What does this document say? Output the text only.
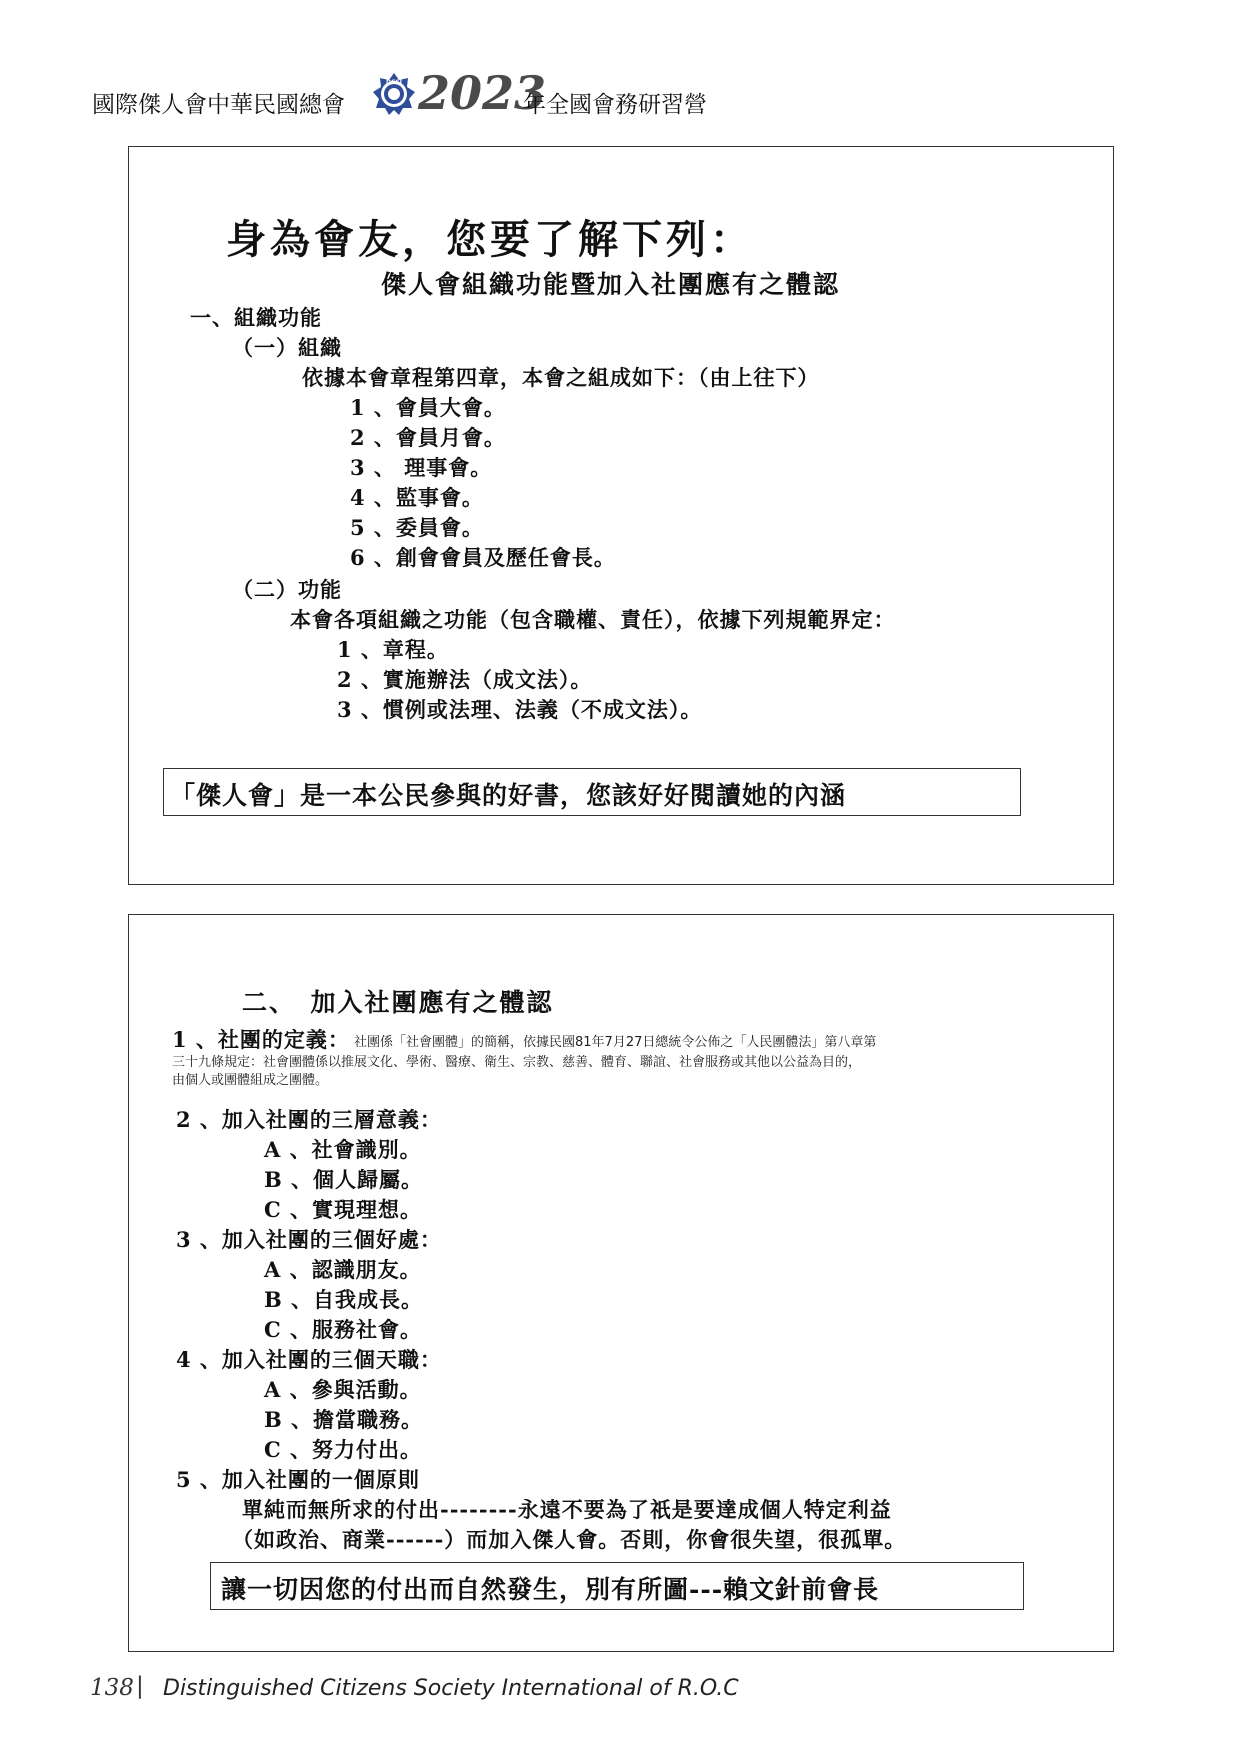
國際傑人會中華民國總會
DCSI 2023
年全國會務研習營
身為會友，您要了解下列：
傑人會組織功能暨加入社團應有之體認
一、組織功能
（一）組織
依據本會章程第四章，本會之組成如下：（由上往下）
1 、會員大會。
2 、會員月會。
3 、 理事會。
4 、監事會。
5 、委員會。
6 、創會會員及歷任會長。
（二）功能
本會各項組織之功能（包含職權、責任），依據下列規範界定：
1 、章程。
2 、實施辦法（成文法）。
3 、慣例或法理、法義（不成文法）。
「傑人會」是一本公民參與的好書，您該好好閱讀她的內涵
二、　加入社團應有之體認
1 、社團的定義： 社團係「社會團體」的簡稱，依據民國81年7月27日總統令公佈之「人民團體法」第八章第
三十九條規定：社會團體係以推展文化、學術、醫療、衛生、宗教、慈善、體育、聯誼、社會服務或其他以公益為目的，
由個人或團體組成之團體。
2 、加入社團的三層意義：
A 、社會識別。
B 、個人歸屬。
C 、實現理想。
3 、加入社團的三個好處：
A 、認識朋友。
B 、自我成長。
C 、服務社會。
4 、加入社團的三個天職：
A 、參與活動。
B 、擔當職務。
C 、努力付出。
5 、加入社團的一個原則
單純而無所求的付出--------永遠不要為了祇是要達成個人特定利益
（如政治、商業------）而加入傑人會。否則，你會很失望，很孤單。
讓一切因您的付出而自然發生，別有所圖---賴文針前會長
138 | Distinguished Citizens Society International of R.O.C
